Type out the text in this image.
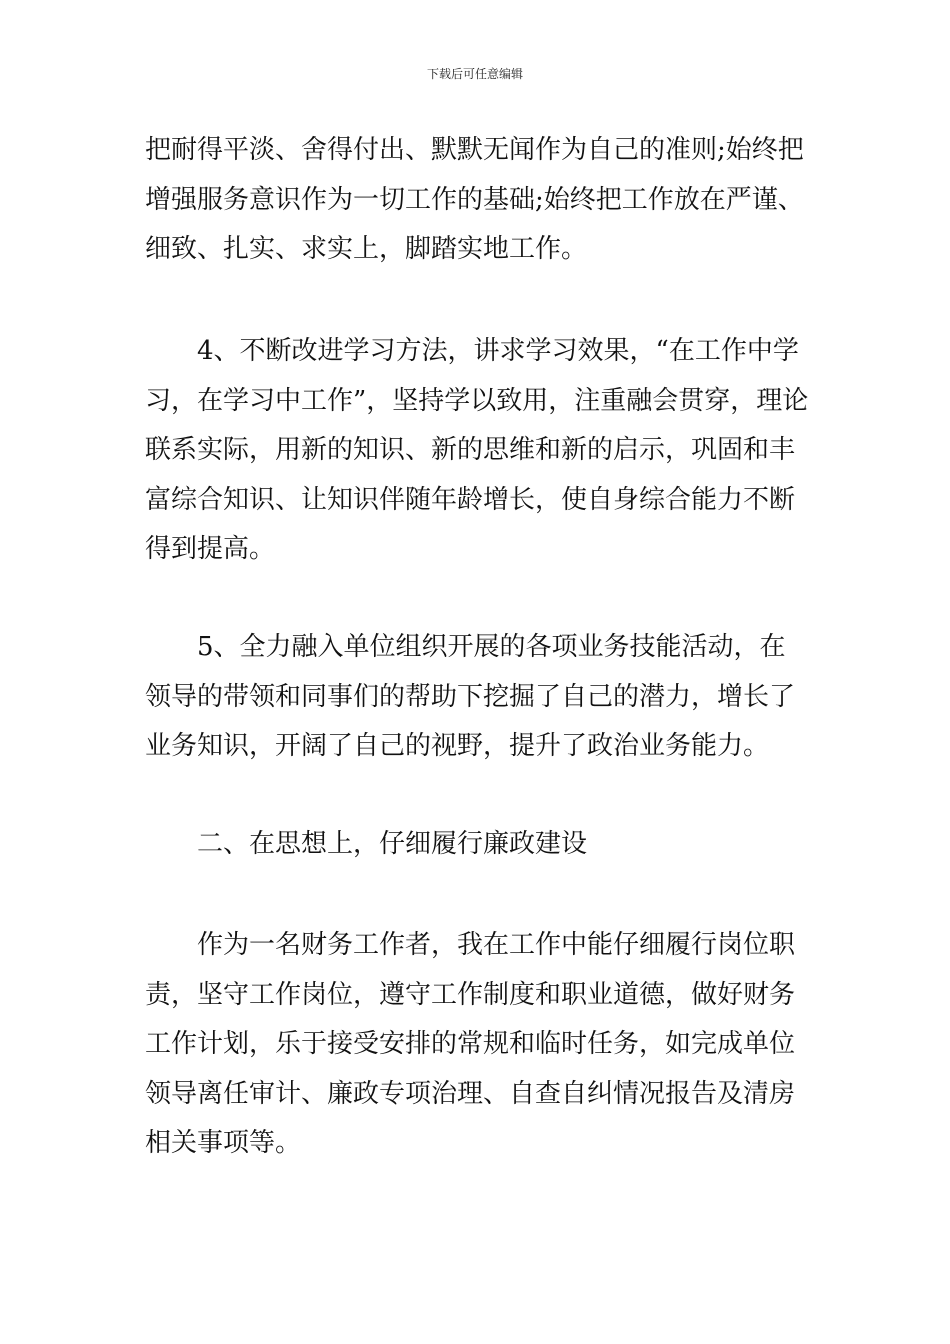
下载后可任意编辑

把耐得平淡、舍得付出、默默无闻作为自己的准则;始终把增强服务意识作为一切工作的基础;始终把工作放在严谨、细致、扎实、求实上，脚踏实地工作。

4、不断改进学习方法，讲求学习效果，“在工作中学习，在学习中工作”，坚持学以致用，注重融会贯穿，理论联系实际，用新的知识、新的思维和新的启示，巩固和丰富综合知识、让知识伴随年龄增长，使自身综合能力不断得到提高。

5、全力融入单位组织开展的各项业务技能活动，在领导的带领和同事们的帮助下挖掘了自己的潜力，增长了业务知识，开阔了自己的视野，提升了政治业务能力。

二、在思想上，仔细履行廉政建设

作为一名财务工作者，我在工作中能仔细履行岗位职责，坚守工作岗位，遵守工作制度和职业道德，做好财务工作计划，乐于接受安排的常规和临时任务，如完成单位领导离任审计、廉政专项治理、自查自纠情况报告及清房相关事项等。
